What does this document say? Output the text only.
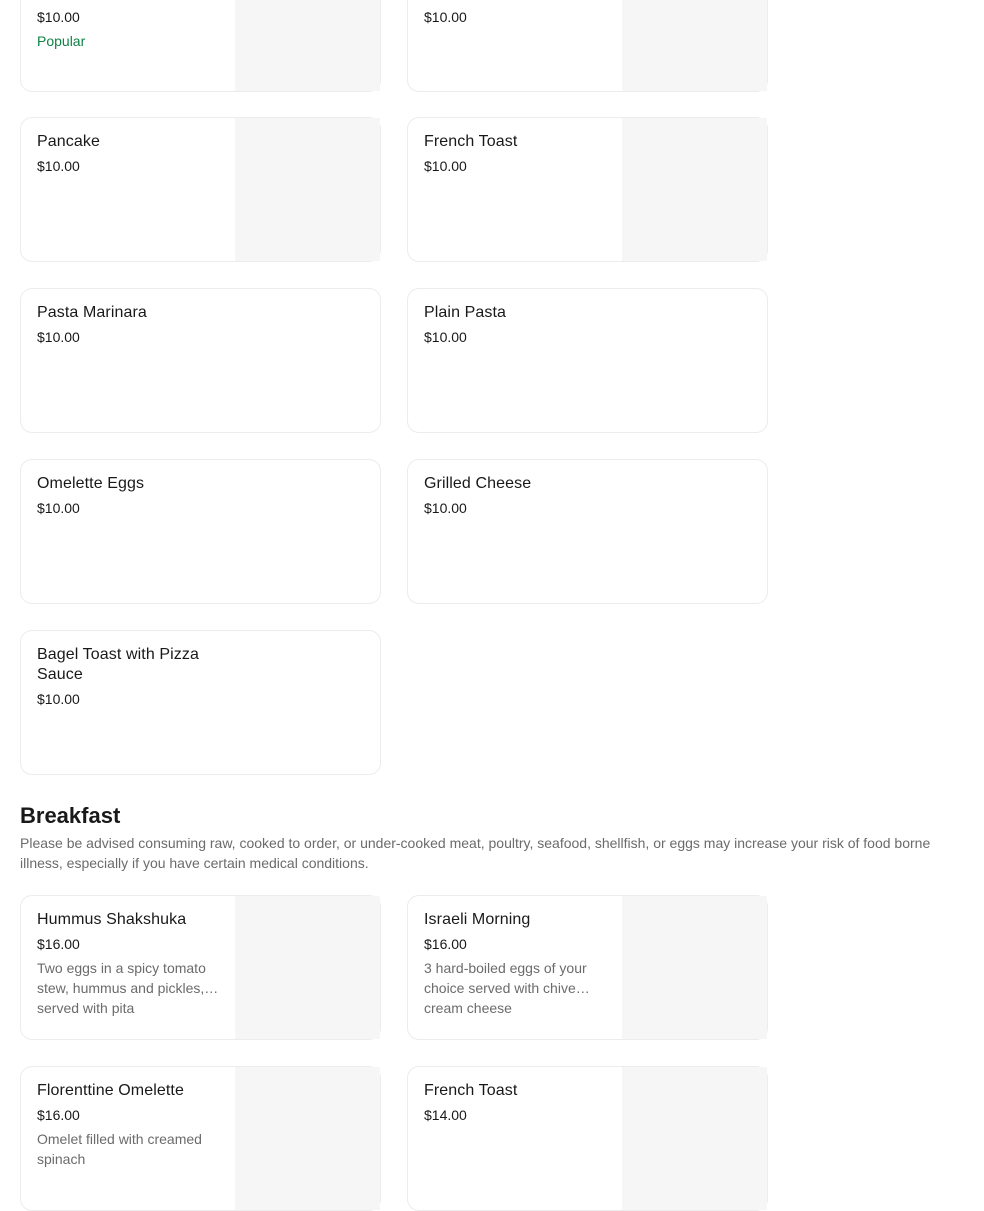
$10.00
Popular
$10.00
Pancake
$10.00
French Toast
$10.00
Pasta Marinara
$10.00
Plain Pasta
$10.00
Omelette Eggs
$10.00
Grilled Cheese
$10.00
Bagel Toast with Pizza Sauce
$10.00
Breakfast

Please be advised consuming raw, cooked to order, or under-cooked meat, poultry, seafood, shellfish, or eggs may increase your risk of food borne illness, especially if you have certain medical conditions.

Hummus Shakshuka
$16.00
Two eggs in a spicy tomato stew, hummus and pickles, served with pita
Israeli Morning
$16.00
3 hard-boiled eggs of your choice served with chive cream cheese
Florenttine Omelette
$16.00
Omelet filled with creamed spinach
French Toast
$14.00
